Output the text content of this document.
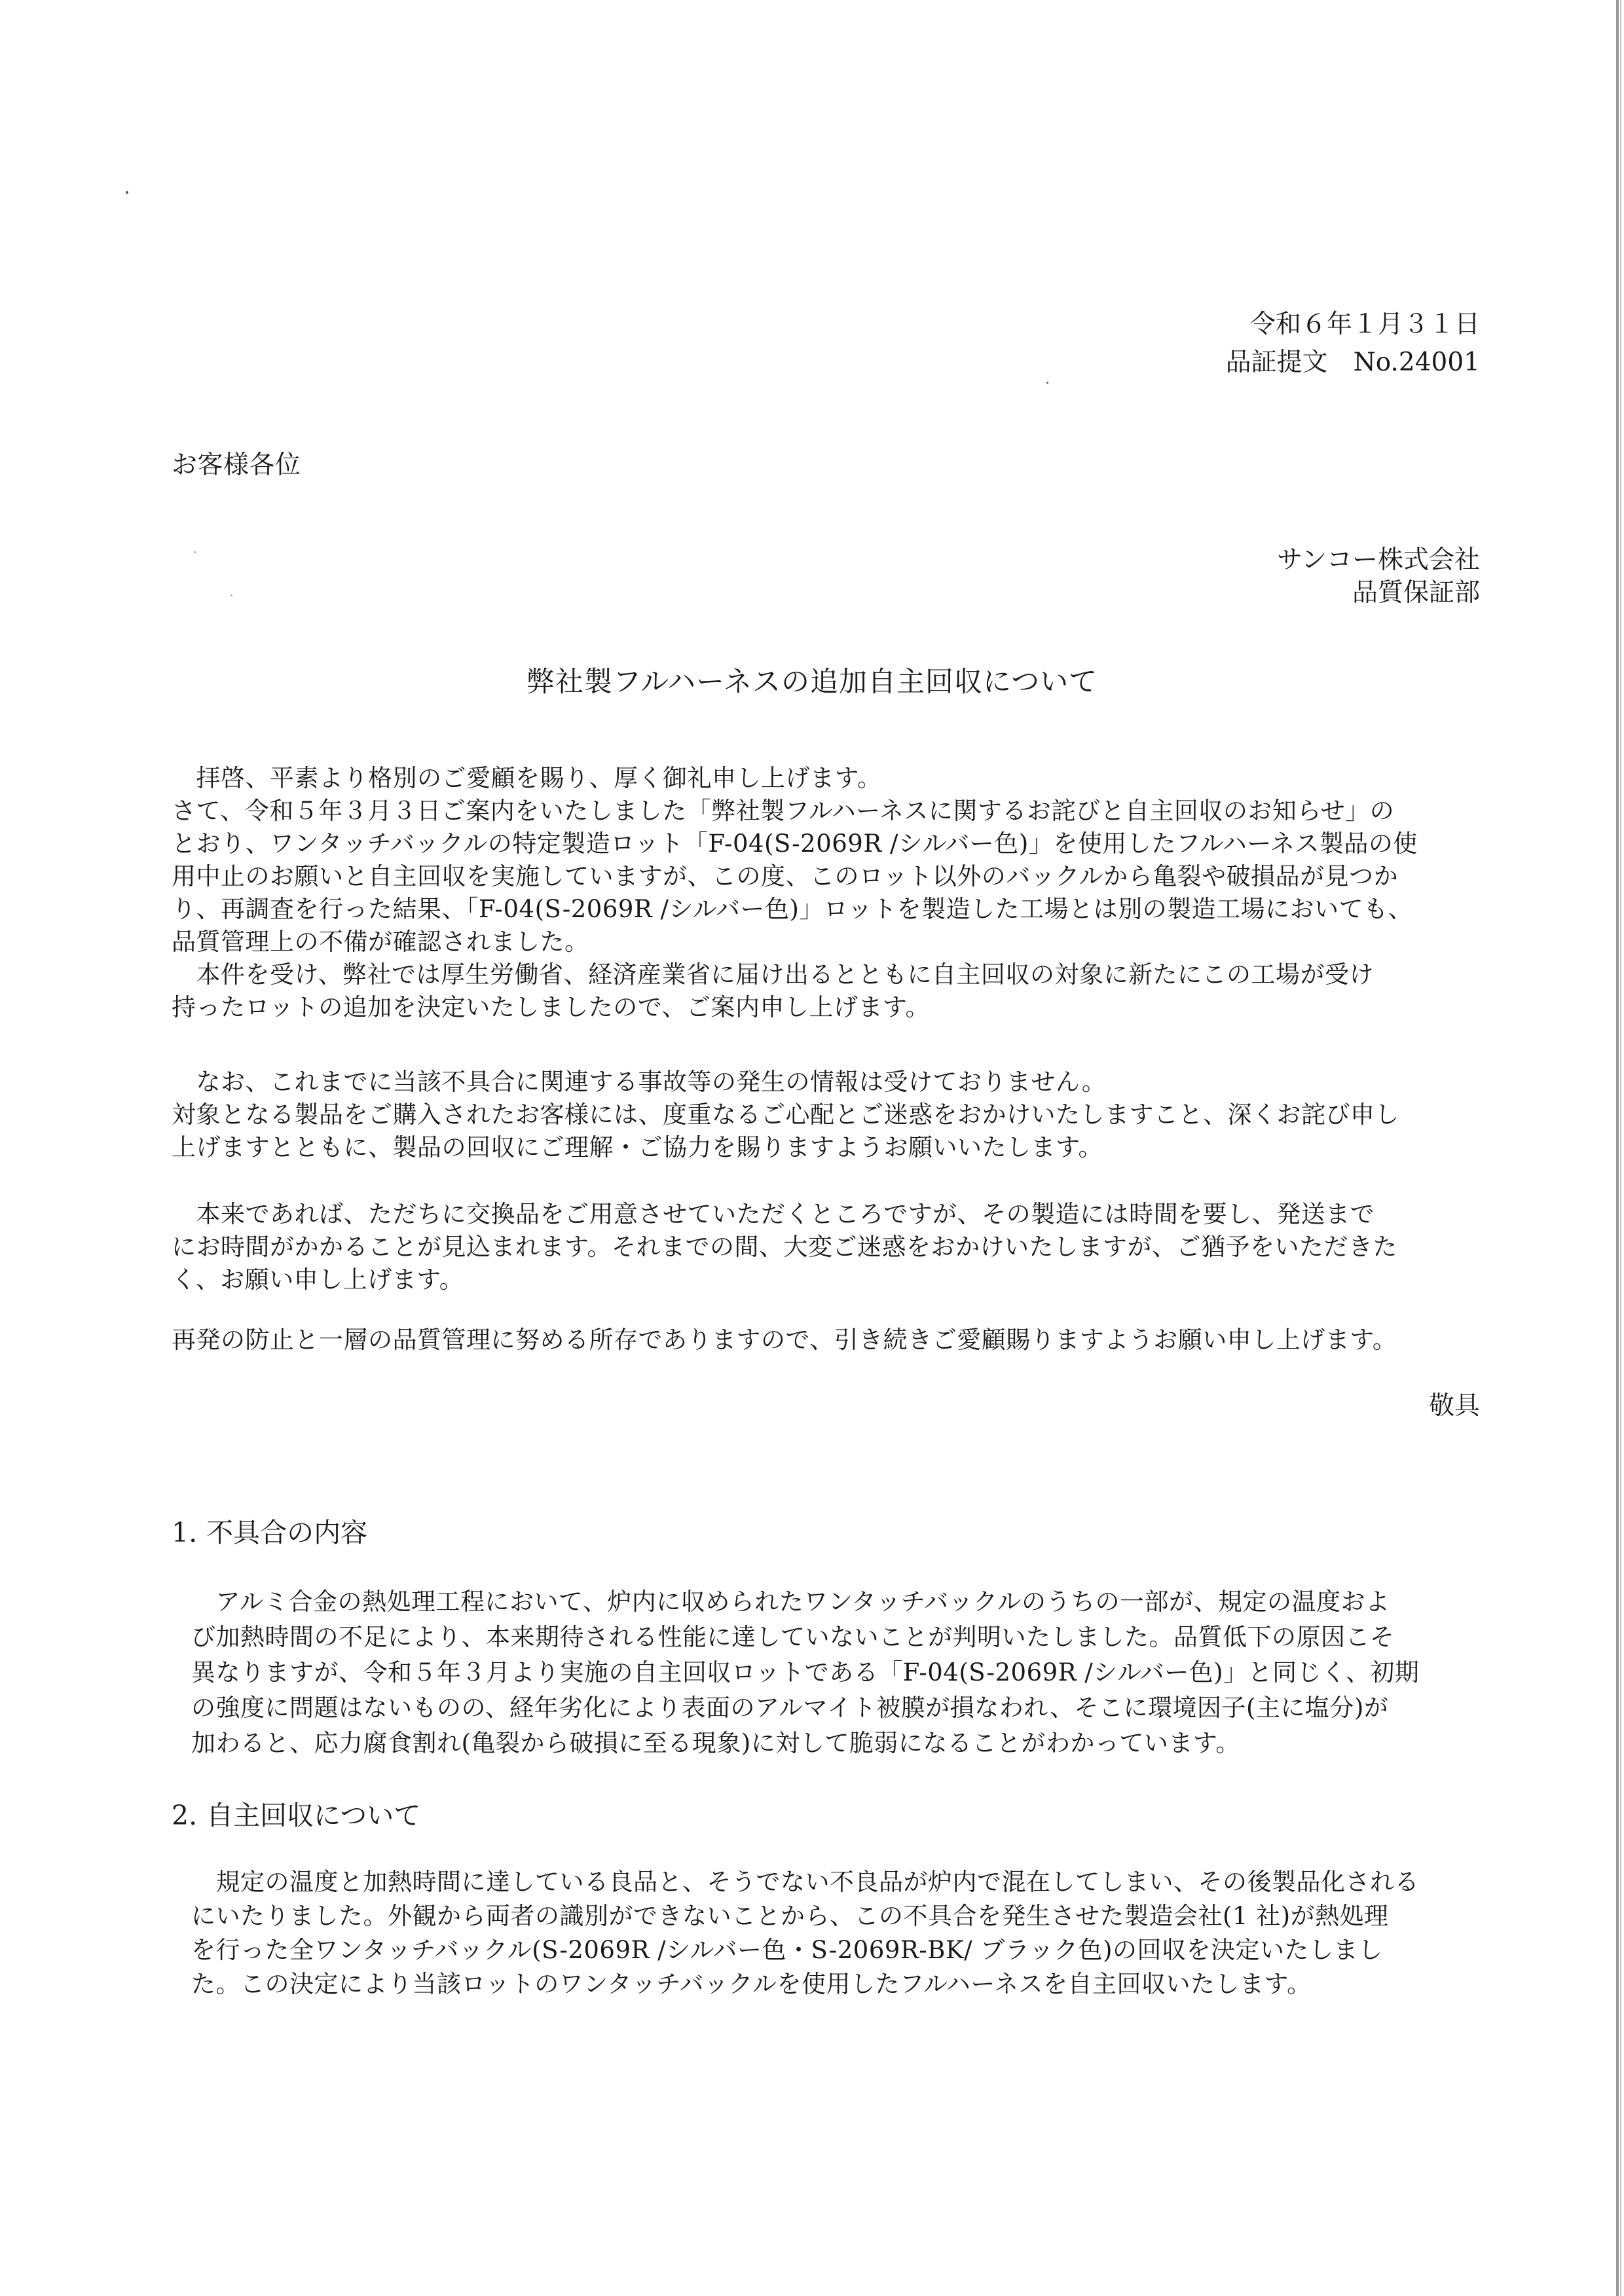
令和６年１月３１日
品証提文　No.24001
お客様各位
サンコー株式会社
品質保証部
弊社製フルハーネスの追加自主回収について
　拝啓、平素より格別のご愛顧を賜り、厚く御礼申し上げます。
さて、令和５年３月３日ご案内をいたしました「弊社製フルハーネスに関するお詫びと自主回収のお知らせ」の
とおり、ワンタッチバックルの特定製造ロット「F-04(S-2069R /シルバー色)」を使用したフルハーネス製品の使
用中止のお願いと自主回収を実施していますが、この度、このロット以外のバックルから亀裂や破損品が見つか
り、再調査を行った結果、「F-04(S-2069R /シルバー色)」ロットを製造した工場とは別の製造工場においても、
品質管理上の不備が確認されました。
　本件を受け、弊社では厚生労働省、経済産業省に届け出るとともに自主回収の対象に新たにこの工場が受け
持ったロットの追加を決定いたしましたので、ご案内申し上げます。
　なお、これまでに当該不具合に関連する事故等の発生の情報は受けておりません。
対象となる製品をご購入されたお客様には、度重なるご心配とご迷惑をおかけいたしますこと、深くお詫び申し
上げますとともに、製品の回収にご理解・ご協力を賜りますようお願いいたします。
　本来であれば、ただちに交換品をご用意させていただくところですが、その製造には時間を要し、発送まで
にお時間がかかることが見込まれます。それまでの間、大変ご迷惑をおかけいたしますが、ご猶予をいただきた
く、お願い申し上げます。
再発の防止と一層の品質管理に努める所存でありますので、引き続きご愛顧賜りますようお願い申し上げます。
敬具
1. 不具合の内容
　アルミ合金の熱処理工程において、炉内に収められたワンタッチバックルのうちの一部が、規定の温度およ
び加熱時間の不足により、本来期待される性能に達していないことが判明いたしました。品質低下の原因こそ
異なりますが、令和５年３月より実施の自主回収ロットである「F-04(S-2069R /シルバー色)」と同じく、初期
の強度に問題はないものの、経年劣化により表面のアルマイト被膜が損なわれ、そこに環境因子(主に塩分)が
加わると、応力腐食割れ(亀裂から破損に至る現象)に対して脆弱になることがわかっています。
2. 自主回収について
　規定の温度と加熱時間に達している良品と、そうでない不良品が炉内で混在してしまい、その後製品化される
にいたりました。外観から両者の識別ができないことから、この不具合を発生させた製造会社(1 社)が熱処理
を行った全ワンタッチバックル(S-2069R /シルバー色・S-2069R-BK/ ブラック色)の回収を決定いたしまし
た。この決定により当該ロットのワンタッチバックルを使用したフルハーネスを自主回収いたします。
